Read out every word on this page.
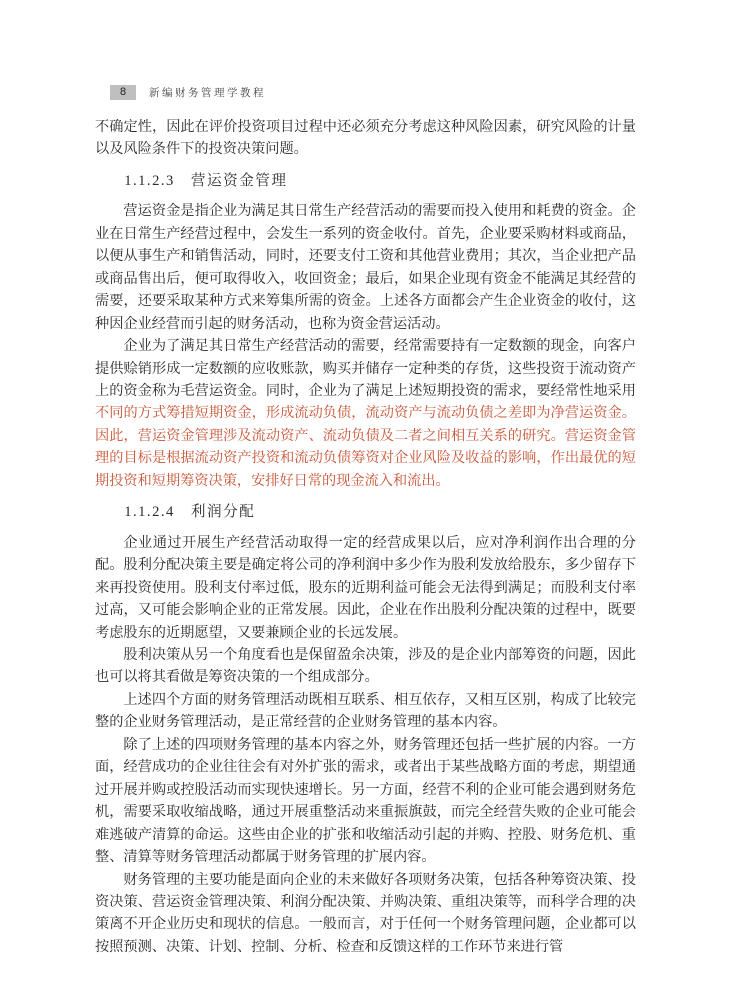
8	新编财务管理学教程

不确定性，因此在评价投资项目过程中还必须充分考虑这种风险因素，研究风险的计量以及风险条件下的投资决策问题。

1.1.2.3　营运资金管理

营运资金是指企业为满足其日常生产经营活动的需要而投入使用和耗费的资金。企业在日常生产经营过程中，会发生一系列的资金收付。首先，企业要采购材料或商品，以便从事生产和销售活动，同时，还要支付工资和其他营业费用；其次，当企业把产品或商品售出后，便可取得收入，收回资金；最后，如果企业现有资金不能满足其经营的需要，还要采取某种方式来筹集所需的资金。上述各方面都会产生企业资金的收付，这种因企业经营而引起的财务活动，也称为资金营运活动。

企业为了满足其日常生产经营活动的需要，经常需要持有一定数额的现金，向客户提供赊销形成一定数额的应收账款，购买并储存一定种类的存货，这些投资于流动资产上的资金称为毛营运资金。同时，企业为了满足上述短期投资的需求，要经常性地采用不同的方式筹措短期资金，形成流动负债，流动资产与流动负债之差即为净营运资金。因此，营运资金管理涉及流动资产、流动负债及二者之间相互关系的研究。营运资金管理的目标是根据流动资产投资和流动负债筹资对企业风险及收益的影响，作出最优的短期投资和短期筹资决策，安排好日常的现金流入和流出。

1.1.2.4　利润分配

企业通过开展生产经营活动取得一定的经营成果以后，应对净利润作出合理的分配。股利分配决策主要是确定将公司的净利润中多少作为股利发放给股东，多少留存下来再投资使用。股利支付率过低，股东的近期利益可能会无法得到满足；而股利支付率过高，又可能会影响企业的正常发展。因此，企业在作出股利分配决策的过程中，既要考虑股东的近期愿望，又要兼顾企业的长远发展。

股利决策从另一个角度看也是保留盈余决策，涉及的是企业内部筹资的问题，因此也可以将其看做是筹资决策的一个组成部分。

上述四个方面的财务管理活动既相互联系、相互依存，又相互区别，构成了比较完整的企业财务管理活动，是正常经营的企业财务管理的基本内容。

除了上述的四项财务管理的基本内容之外，财务管理还包括一些扩展的内容。一方面，经营成功的企业往往会有对外扩张的需求，或者出于某些战略方面的考虑，期望通过开展并购或控股活动而实现快速增长。另一方面，经营不利的企业可能会遇到财务危机，需要采取收缩战略，通过开展重整活动来重振旗鼓，而完全经营失败的企业可能会难逃破产清算的命运。这些由企业的扩张和收缩活动引起的并购、控股、财务危机、重整、清算等财务管理活动都属于财务管理的扩展内容。

财务管理的主要功能是面向企业的未来做好各项财务决策，包括各种筹资决策、投资决策、营运资金管理决策、利润分配决策、并购决策、重组决策等，而科学合理的决策离不开企业历史和现状的信息。一般而言，对于任何一个财务管理问题，企业都可以按照预测、决策、计划、控制、分析、检查和反馈这样的工作环节来进行管
